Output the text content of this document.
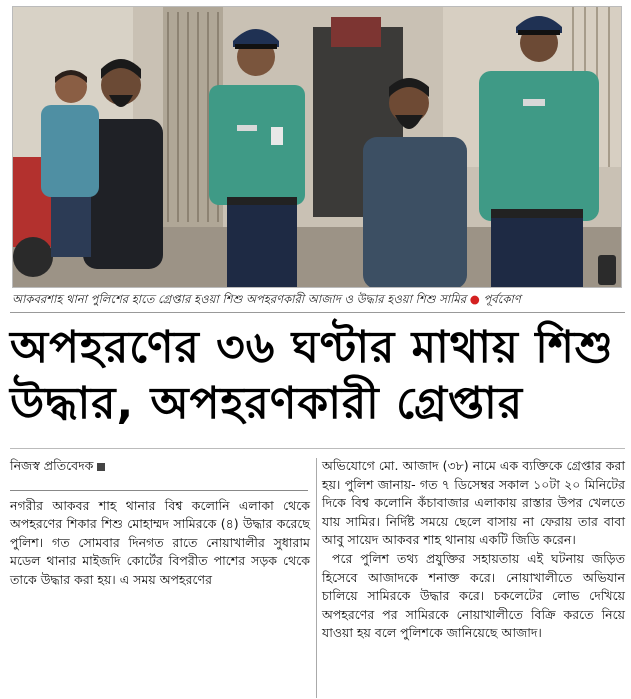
আকবরশাহ থানা পুলিশের হাতে গ্রেপ্তার হওয়া শিশু অপহরণকারী আজাদ ও উদ্ধার হওয়া শিশু সামির ● পূর্বকোণ
অপহরণের ৩৬ ঘণ্টার মাথায় শিশু
উদ্ধার, অপহরণকারী গ্রেপ্তার

নিজস্ব প্রতিবেদক

নগরীর আকবর শাহ থানার বিশ্ব কলোনি এলাকা থেকে অপহরণের শিকার শিশু মোহাম্মদ সামিরকে (৪) উদ্ধার করেছে পুলিশ। গত সোমবার দিনগত রাতে নোয়াখালীর সুধারাম মডেল থানার মাইজদি কোর্টের বিপরীত পাশের সড়ক থেকে তাকে উদ্ধার করা হয়। এ সময় অপহরণের

অভিযোগে মো. আজাদ (৩৮) নামে এক ব্যক্তিকে গ্রেপ্তার করা হয়। পুলিশ জানায়- গত ৭ ডিসেম্বর সকাল ১০টা ২০ মিনিটের দিকে বিশ্ব কলোনি কঁচাবাজার এলাকায় রাস্তার উপর খেলতে যায় সামির। নির্দিষ্ট সময়ে ছেলে বাসায় না ফেরায় তার বাবা আবু সায়েদ আকবর শাহ থানায় একটি জিডি করেন।

পরে পুলিশ তথ্য প্রযুক্তির সহায়তায় এই ঘটনায় জড়িত হিসেবে আজাদকে শনাক্ত করে। নোয়াখালীতে অভিযান চালিয়ে সামিরকে উদ্ধার করে। চকলেটের লোভ দেখিয়ে অপহরণের পর সামিরকে নোয়াখালীতে বিক্রি করতে নিয়ে যাওয়া হয় বলে পুলিশকে জানিয়েছে আজাদ।
